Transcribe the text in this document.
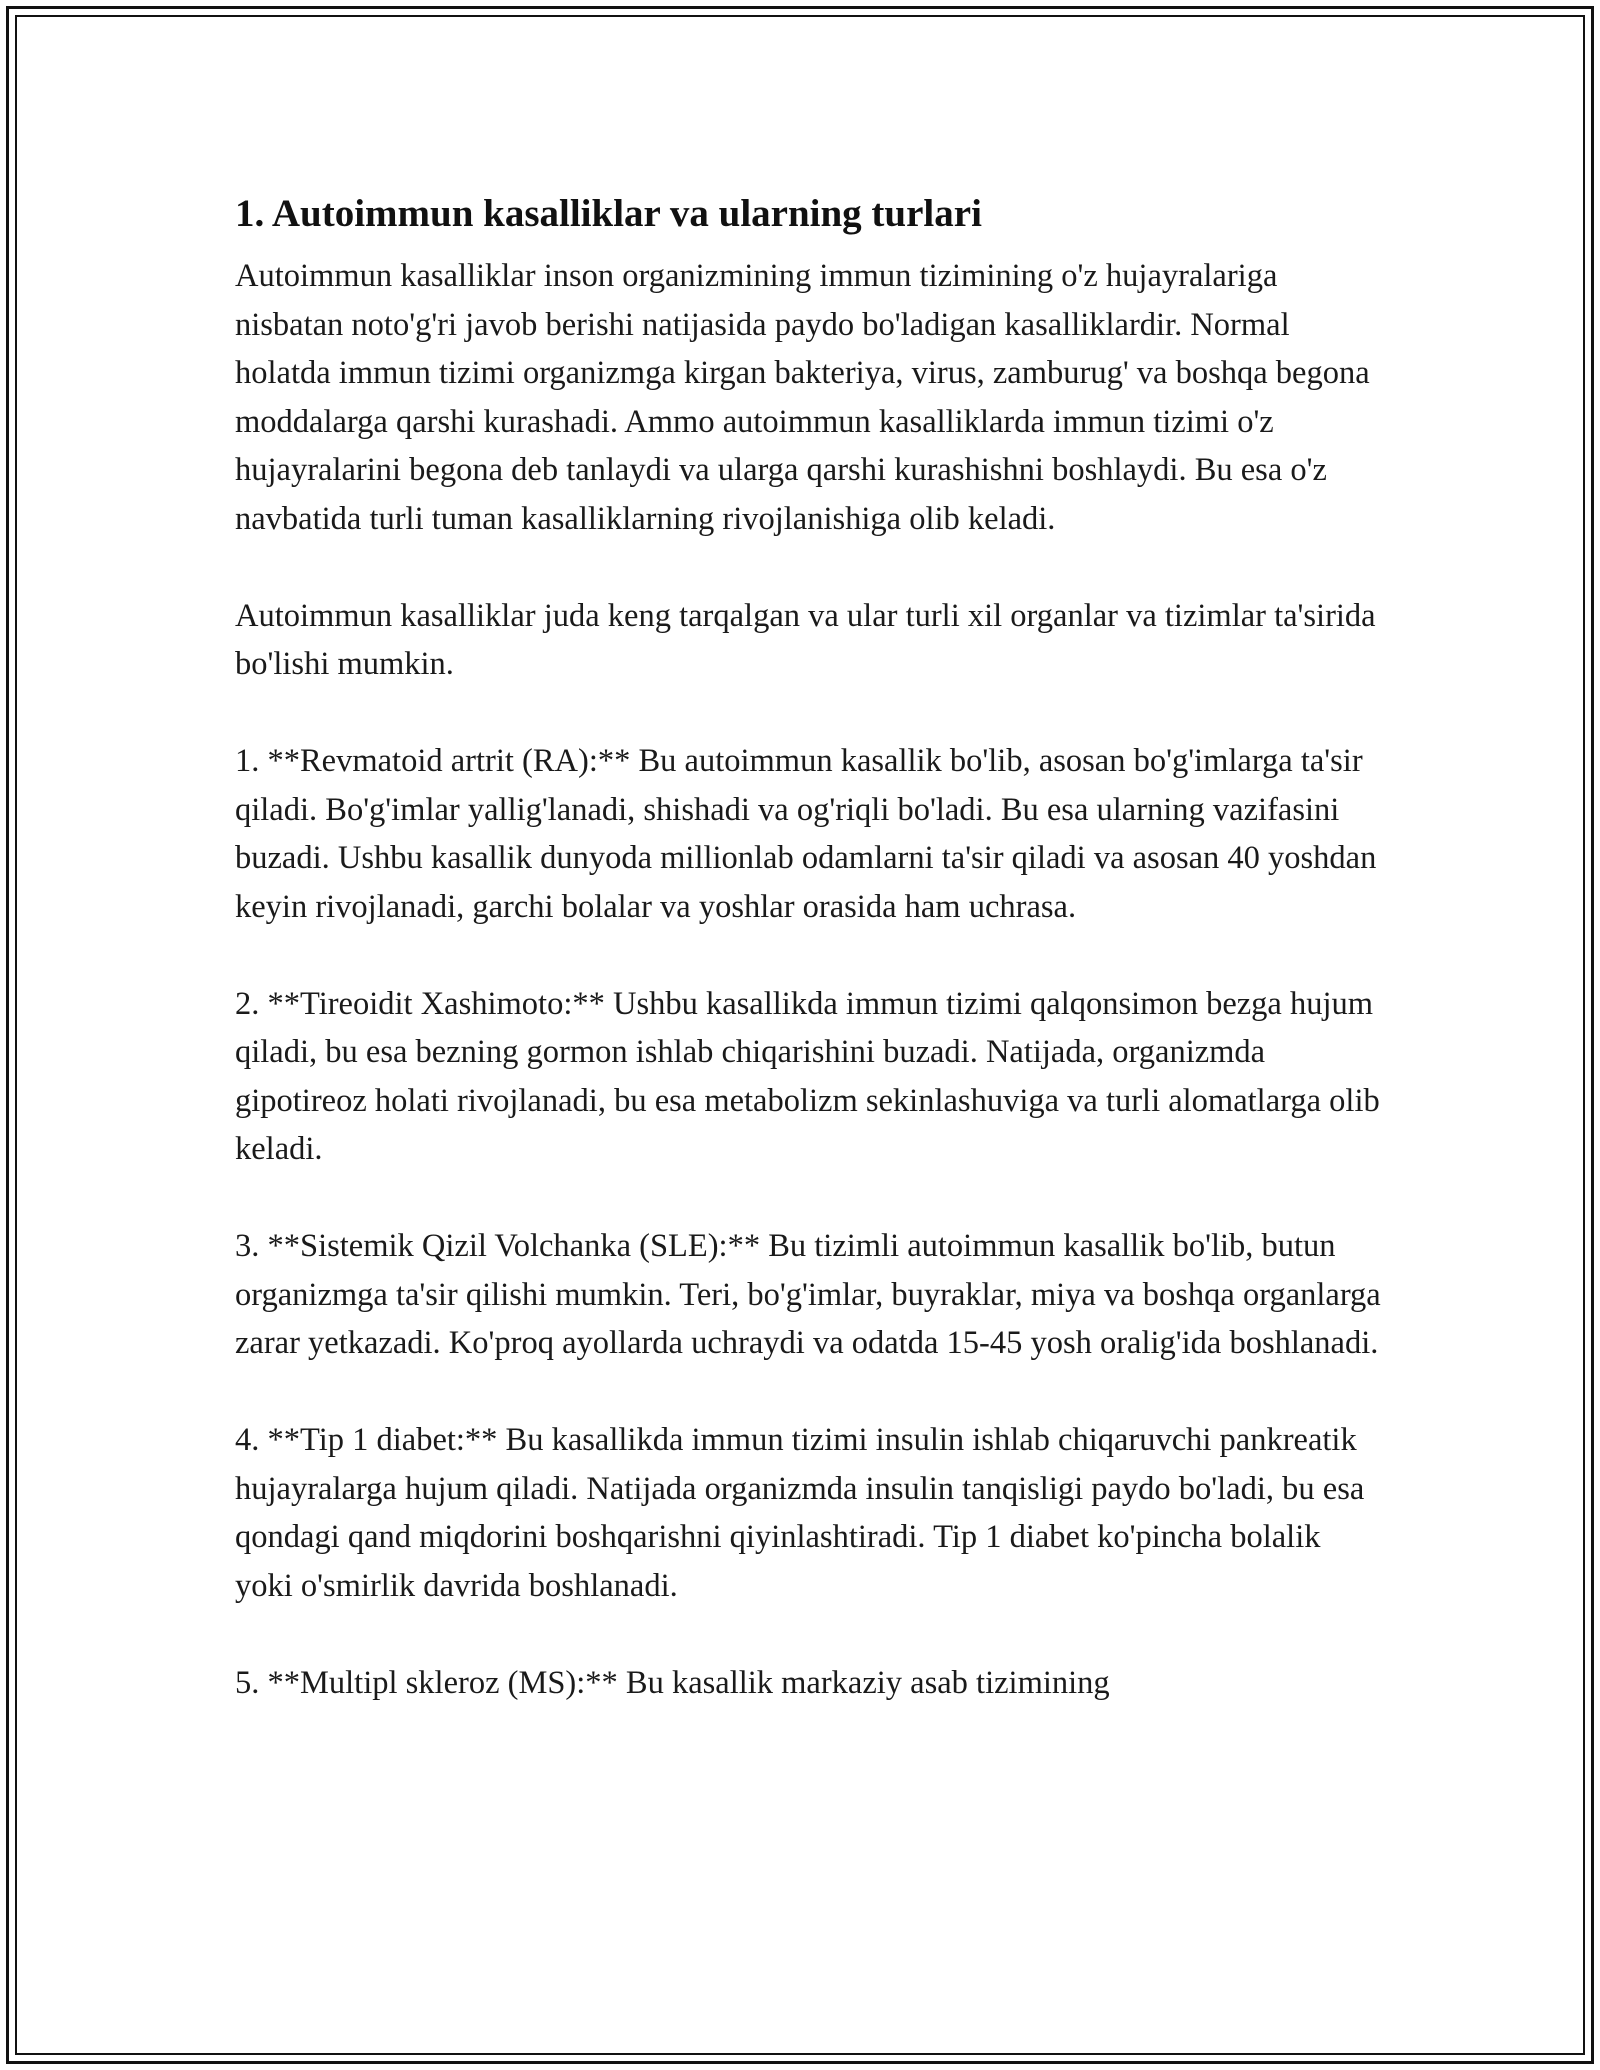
1. Autoimmun kasalliklar va ularning turlari

Autoimmun kasalliklar inson organizmining immun tizimining o'z hujayralariga nisbatan noto'g'ri javob berishi natijasida paydo bo'ladigan kasalliklardir. Normal holatda immun tizimi organizmga kirgan bakteriya, virus, zamburug' va boshqa begona moddalarga qarshi kurashadi. Ammo autoimmun kasalliklarda immun tizimi o'z hujayralarini begona deb tanlaydi va ularga qarshi kurashishni boshlaydi. Bu esa o'z navbatida turli tuman kasalliklarning rivojlanishiga olib keladi.

Autoimmun kasalliklar juda keng tarqalgan va ular turli xil organlar va tizimlar ta'sirida bo'lishi mumkin.

1. **Revmatoid artrit (RA):** Bu autoimmun kasallik bo'lib, asosan bo'g'imlarga ta'sir qiladi. Bo'g'imlar yallig'lanadi, shishadi va og'riqli bo'ladi. Bu esa ularning vazifasini buzadi. Ushbu kasallik dunyoda millionlab odamlarni ta'sir qiladi va asosan 40 yoshdan keyin rivojlanadi, garchi bolalar va yoshlar orasida ham uchrasa.

2. **Tireoidit Xashimoto:** Ushbu kasallikda immun tizimi qalqonsimon bezga hujum qiladi, bu esa bezning gormon ishlab chiqarishini buzadi. Natijada, organizmda gipotireoz holati rivojlanadi, bu esa metabolizm sekinlashuviga va turli alomatlarga olib keladi.

3. **Sistemik Qizil Volchanka (SLE):** Bu tizimli autoimmun kasallik bo'lib, butun organizmga ta'sir qilishi mumkin. Teri, bo'g'imlar, buyraklar, miya va boshqa organlarga zarar yetkazadi. Ko'proq ayollarda uchraydi va odatda 15-45 yosh oralig'ida boshlanadi.

4. **Tip 1 diabet:** Bu kasallikda immun tizimi insulin ishlab chiqaruvchi pankreatik hujayralarga hujum qiladi. Natijada organizmda insulin tanqisligi paydo bo'ladi, bu esa qondagi qand miqdorini boshqarishni qiyinlashtiradi. Tip 1 diabet ko'pincha bolalik yoki o'smirlik davrida boshlanadi.

5. **Multipl skleroz (MS):** Bu kasallik markaziy asab tizimining
